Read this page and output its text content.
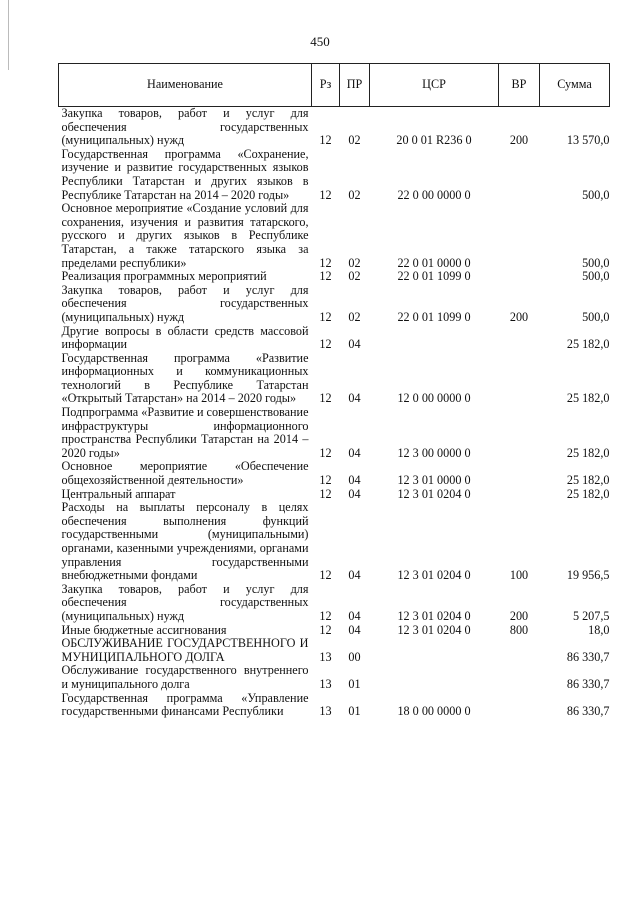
450
Наименование	Рз	ПР	ЦСР	ВР	Сумма
Закупка товаров, работ и услуг для обеспечения государственных (муниципальных) нужд	12	02	20 0 01 R236 0	200	13 570,0
Государственная программа «Сохранение, изучение и развитие государственных языков Республики Татарстан и других языков в Республике Татарстан на 2014 – 2020 годы»	12	02	22 0 00 0000 0		500,0
Основное мероприятие «Создание условий для сохранения, изучения и развития татарского, русского и других языков в Республике Татарстан, а также татарского языка за пределами республики»	12	02	22 0 01 0000 0		500,0
Реализация программных мероприятий	12	02	22 0 01 1099 0		500,0
Закупка товаров, работ и услуг для обеспечения государственных (муниципальных) нужд	12	02	22 0 01 1099 0	200	500,0
Другие вопросы в области средств массовой информации	12	04			25 182,0
Государственная программа «Развитие информационных и коммуникационных технологий в Республике Татарстан «Открытый Татарстан» на 2014 – 2020 годы»	12	04	12 0 00 0000 0		25 182,0
Подпрограмма «Развитие и совершенствование инфраструктуры информационного пространства Республики Татарстан на 2014 – 2020 годы»	12	04	12 3 00 0000 0		25 182,0
Основное мероприятие «Обеспечение общехозяйственной деятельности»	12	04	12 3 01 0000 0		25 182,0
Центральный аппарат	12	04	12 3 01 0204 0		25 182,0
Расходы на выплаты персоналу в целях обеспечения выполнения функций государственными (муниципальными) органами, казенными учреждениями, органами управления государственными внебюджетными фондами	12	04	12 3 01 0204 0	100	19 956,5
Закупка товаров, работ и услуг для обеспечения государственных (муниципальных) нужд	12	04	12 3 01 0204 0	200	5 207,5
Иные бюджетные ассигнования	12	04	12 3 01 0204 0	800	18,0
ОБСЛУЖИВАНИЕ ГОСУДАРСТВЕННОГО И МУНИЦИПАЛЬНОГО ДОЛГА	13	00			86 330,7
Обслуживание государственного внутреннего и муниципального долга	13	01			86 330,7
Государственная программа «Управление государственными финансами Республики	13	01	18 0 00 0000 0		86 330,7
